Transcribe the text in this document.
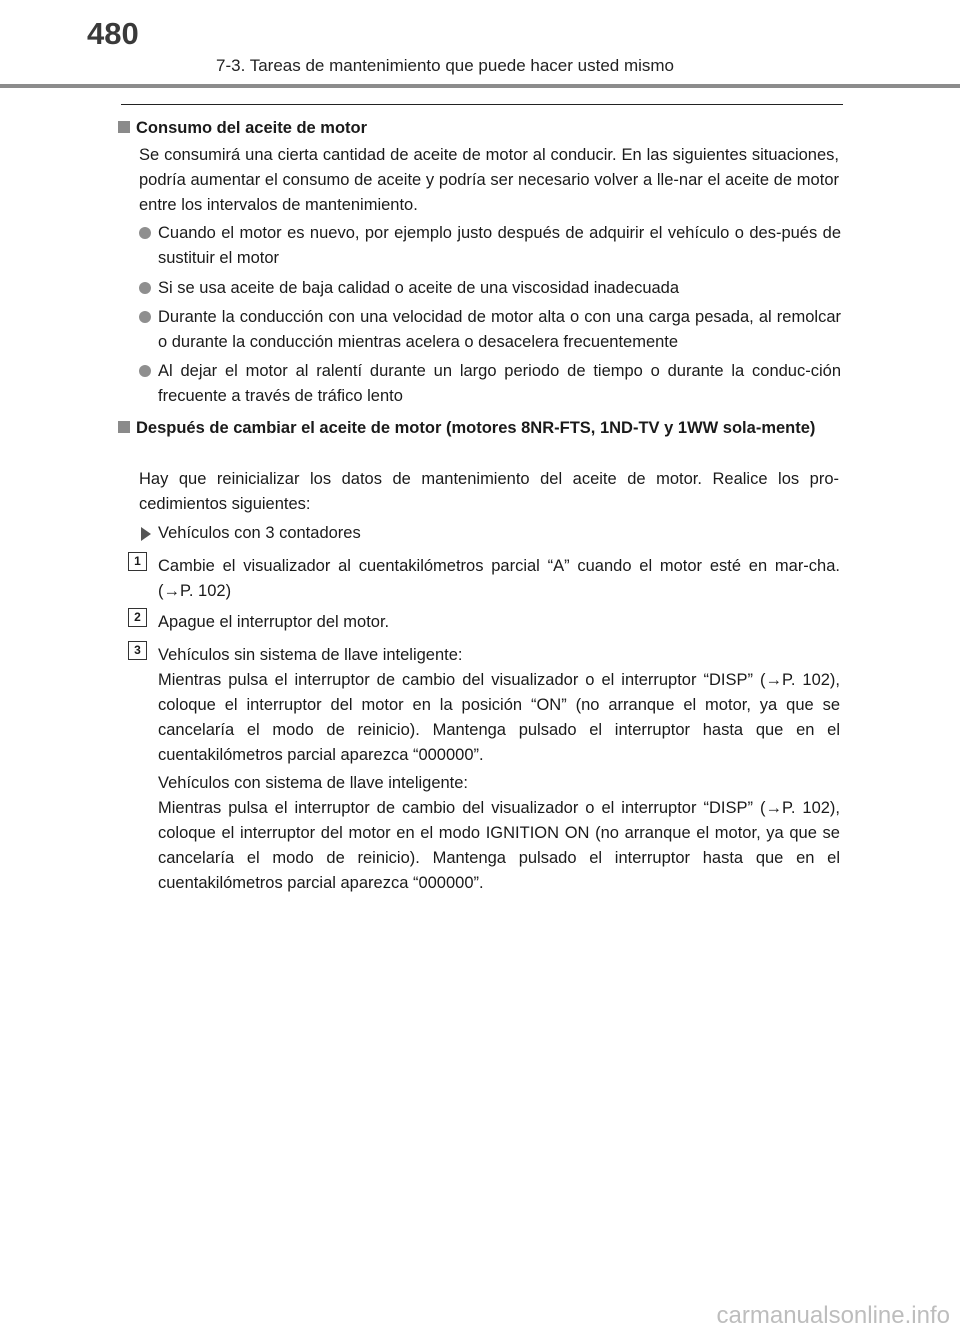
480
7-3. Tareas de mantenimiento que puede hacer usted mismo
Consumo del aceite de motor
Se consumirá una cierta cantidad de aceite de motor al conducir. En las siguientes situaciones, podría aumentar el consumo de aceite y podría ser necesario volver a lle-nar el aceite de motor entre los intervalos de mantenimiento.
Cuando el motor es nuevo, por ejemplo justo después de adquirir el vehículo o des-pués de sustituir el motor
Si se usa aceite de baja calidad o aceite de una viscosidad inadecuada
Durante la conducción con una velocidad de motor alta o con una carga pesada, al remolcar o durante la conducción mientras acelera o desacelera frecuentemente
Al dejar el motor al ralentí durante un largo periodo de tiempo o durante la conduc-ción frecuente a través de tráfico lento
Después de cambiar el aceite de motor (motores 8NR-FTS, 1ND-TV y 1WW sola-mente)
Hay que reinicializar los datos de mantenimiento del aceite de motor. Realice los pro-cedimientos siguientes:
Vehículos con 3 contadores
1	Cambie el visualizador al cuentakilómetros parcial “A” cuando el motor esté en mar-cha. (→P. 102)
2	Apague el interruptor del motor.
3	Vehículos sin sistema de llave inteligente:
Mientras pulsa el interruptor de cambio del visualizador o el interruptor “DISP” (→P. 102), coloque el interruptor del motor en la posición “ON” (no arranque el motor, ya que se cancelaría el modo de reinicio). Mantenga pulsado el interruptor hasta que en el cuentakilómetros parcial aparezca “000000”.
Vehículos con sistema de llave inteligente:
Mientras pulsa el interruptor de cambio del visualizador o el interruptor “DISP” (→P. 102), coloque el interruptor del motor en el modo IGNITION ON (no arranque el motor, ya que se cancelaría el modo de reinicio). Mantenga pulsado el interruptor hasta que en el cuentakilómetros parcial aparezca “000000”.
carmanualsonline.info
